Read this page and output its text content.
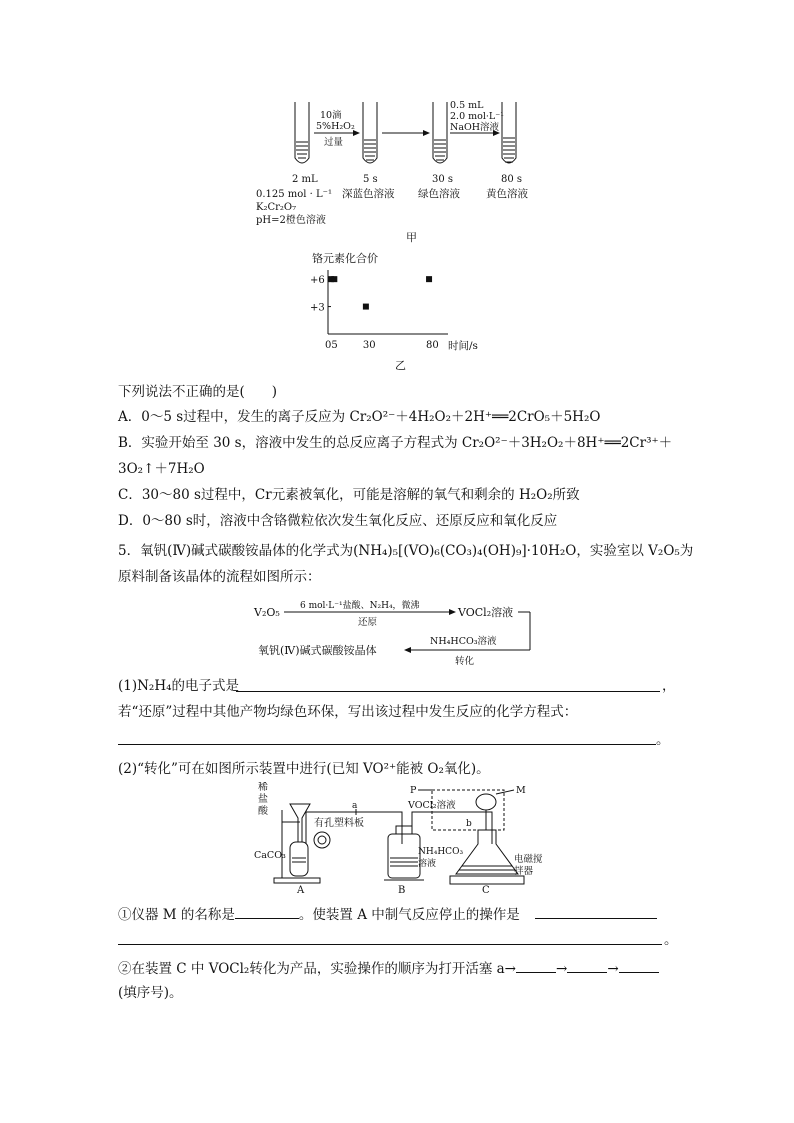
10滴
5%H₂O₂
过量
0.5 mL
2.0 mol·L⁻¹
NaOH溶液
2 mL	5 s	30 s	80 s
深蓝色溶液 绿色溶液 黄色溶液
0.125 mol · L⁻¹
K₂Cr₂O₇
pH=2橙色溶液
甲
铬元素化合价
时间/s
乙
0 5	30	80
+6
+3
下列说法不正确的是(　　)
A．0～5 s过程中，发生的离子反应为 Cr₂O²⁻＋4H₂O₂＋2H⁺══2CrO₅＋5H₂O
B．实验开始至 30 s，溶液中发生的总反应离子方程式为 Cr₂O²⁻＋3H₂O₂＋8H⁺══2Cr³⁺＋
3O₂↑＋7H₂O
C．30～80 s过程中，Cr元素被氧化，可能是溶解的氧气和剩余的 H₂O₂所致
D．0～80 s时，溶液中含铬微粒依次发生氧化反应、还原反应和氧化反应
5．氧钒(Ⅳ)碱式碳酸铵晶体的化学式为(NH₄)₅[(VO)₆(CO₃)₄(OH)₉]·10H₂O，实验室以 V₂O₅为
原料制备该晶体的流程如图所示：
V₂O₅ 6 mol·L⁻¹盐酸、N₂H₄，微沸
还原
VOCl₂溶液
NH₄HCO₃溶液
转化
氧钒(Ⅳ)碱式碳酸铵晶体
(1)N₂H₄的电子式是	，
若“还原”过程中其他产物均绿色环保，写出该过程中发生反应的化学方程式：
。
(2)“转化”可在如图所示装置中进行(已知 VO²⁺能被 O₂氧化)。
稀
盐
酸	a
有孔塑料板
CaCO₃	NH₄HCO₃
溶液
VOCl₂溶液
P	M
b
电磁搅
拌器
A	B	C
①仪器 M 的名称是	。使装置 A 中制气反应停止的操作是
。
②在装置 C 中 VOCl₂转化为产品，实验操作的顺序为打开活塞 a→	→	→
(填序号)。
